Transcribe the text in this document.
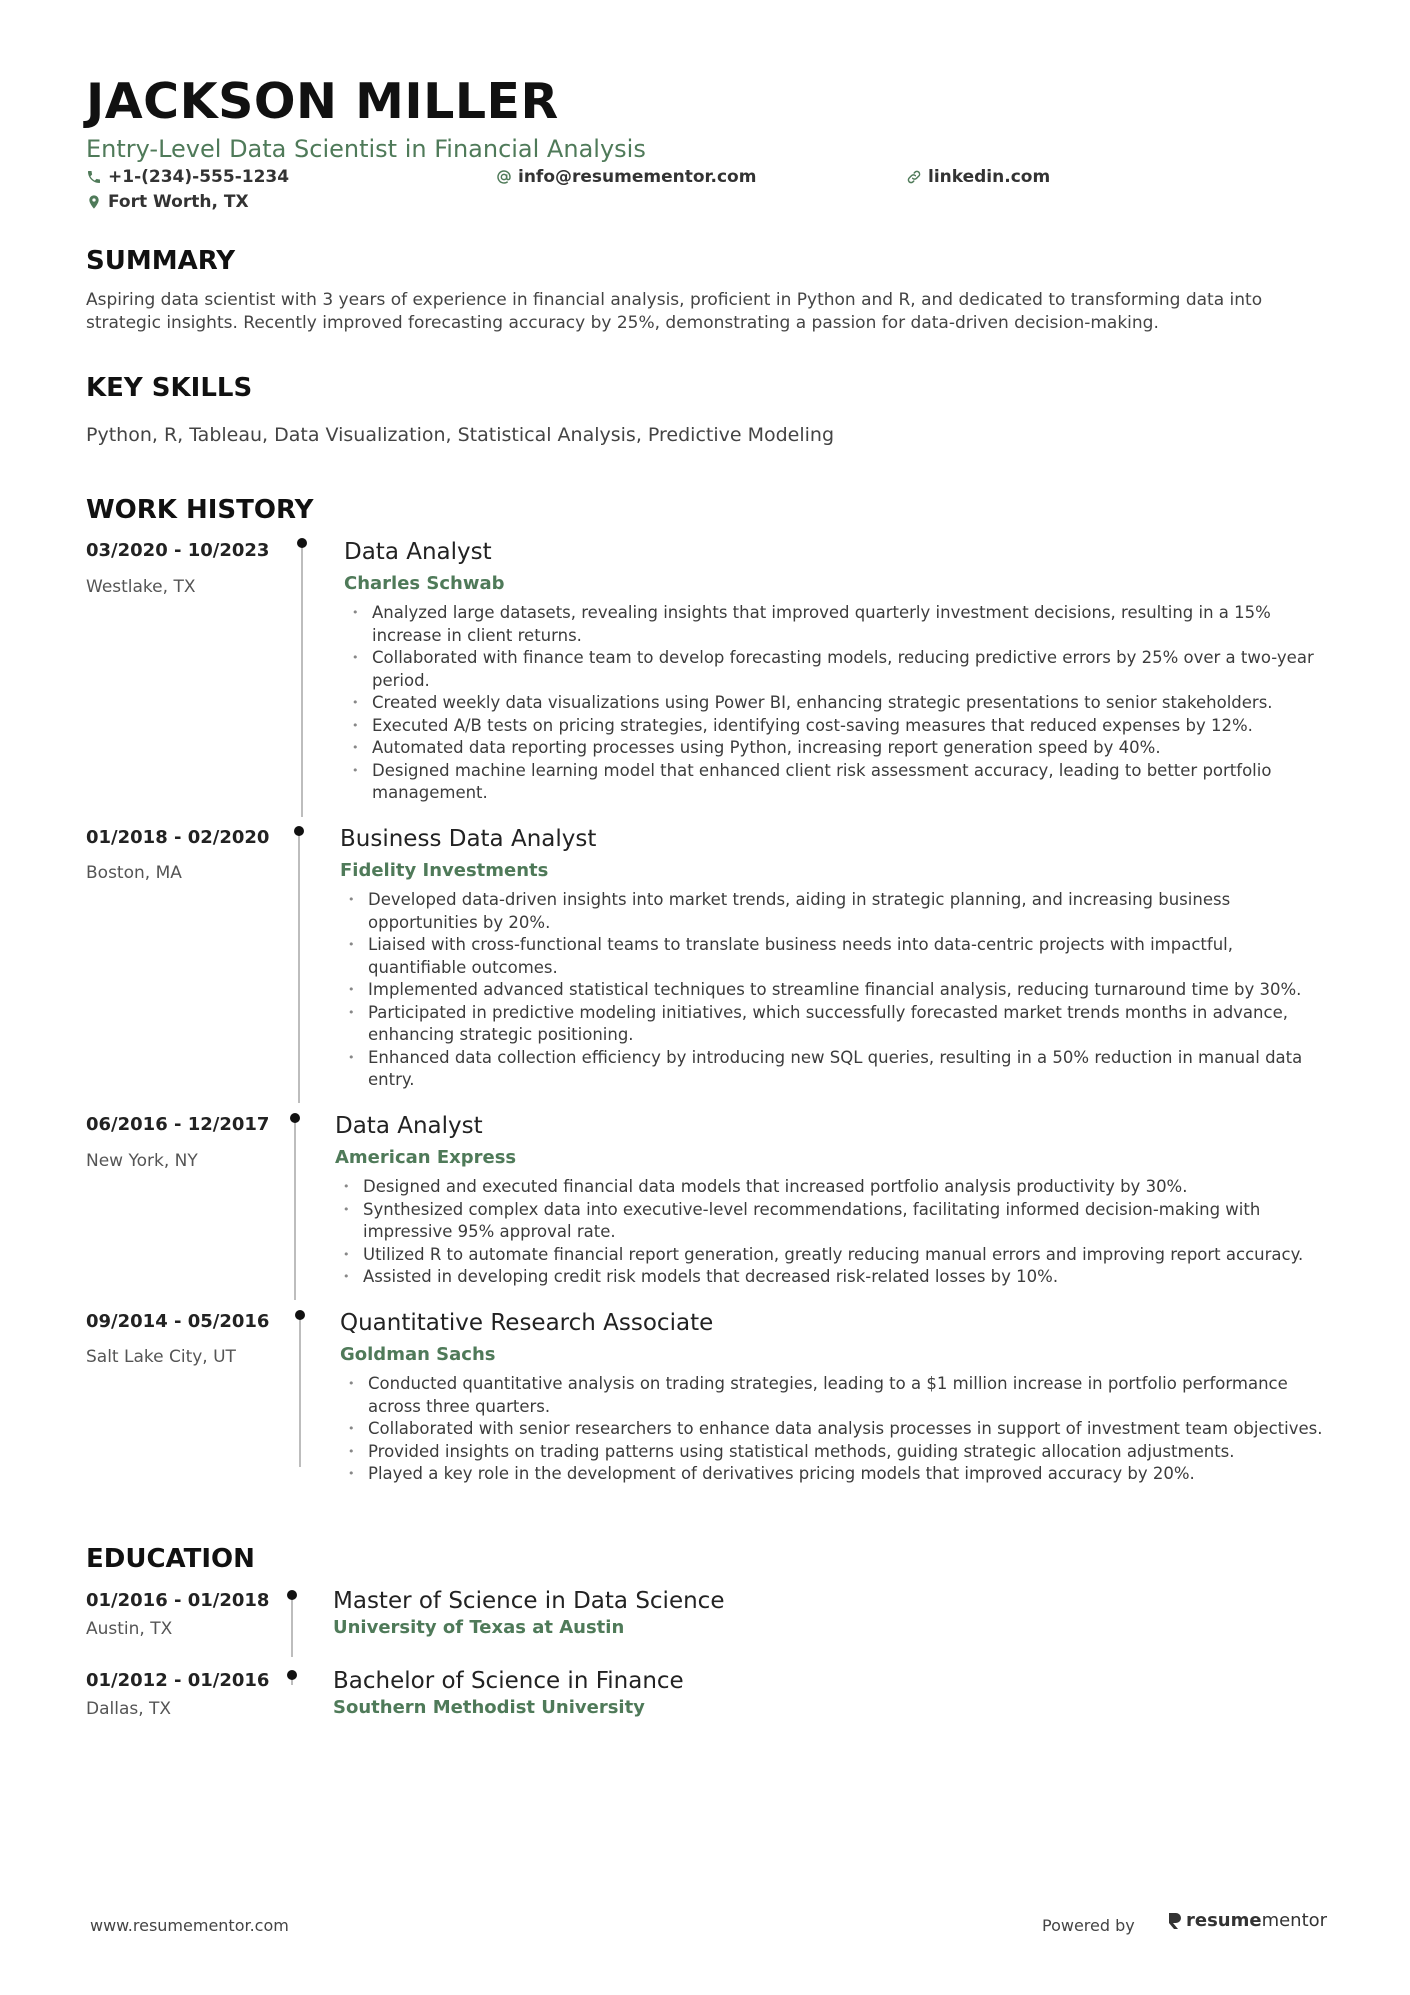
JACKSON MILLER
Entry-Level Data Scientist in Financial Analysis
+1-(234)-555-1234	info@resumementor.com	linkedin.com
Fort Worth, TX
SUMMARY
Aspiring data scientist with 3 years of experience in financial analysis, proficient in Python and R, and dedicated to transforming data into strategic insights. Recently improved forecasting accuracy by 25%, demonstrating a passion for data-driven decision-making.
KEY SKILLS
Python, R, Tableau, Data Visualization, Statistical Analysis, Predictive Modeling
WORK HISTORY
03/2020 - 10/2023
Westlake, TX
Data Analyst
Charles Schwab
• Analyzed large datasets, revealing insights that improved quarterly investment decisions, resulting in a 15% increase in client returns.
• Collaborated with finance team to develop forecasting models, reducing predictive errors by 25% over a two-year period.
• Created weekly data visualizations using Power BI, enhancing strategic presentations to senior stakeholders.
• Executed A/B tests on pricing strategies, identifying cost-saving measures that reduced expenses by 12%.
• Automated data reporting processes using Python, increasing report generation speed by 40%.
• Designed machine learning model that enhanced client risk assessment accuracy, leading to better portfolio management.
01/2018 - 02/2020
Boston, MA
Business Data Analyst
Fidelity Investments
• Developed data-driven insights into market trends, aiding in strategic planning, and increasing business opportunities by 20%.
• Liaised with cross-functional teams to translate business needs into data-centric projects with impactful, quantifiable outcomes.
• Implemented advanced statistical techniques to streamline financial analysis, reducing turnaround time by 30%.
• Participated in predictive modeling initiatives, which successfully forecasted market trends months in advance, enhancing strategic positioning.
• Enhanced data collection efficiency by introducing new SQL queries, resulting in a 50% reduction in manual data entry.
06/2016 - 12/2017
New York, NY
Data Analyst
American Express
• Designed and executed financial data models that increased portfolio analysis productivity by 30%.
• Synthesized complex data into executive-level recommendations, facilitating informed decision-making with impressive 95% approval rate.
• Utilized R to automate financial report generation, greatly reducing manual errors and improving report accuracy.
• Assisted in developing credit risk models that decreased risk-related losses by 10%.
09/2014 - 05/2016
Salt Lake City, UT
Quantitative Research Associate
Goldman Sachs
• Conducted quantitative analysis on trading strategies, leading to a $1 million increase in portfolio performance across three quarters.
• Collaborated with senior researchers to enhance data analysis processes in support of investment team objectives.
• Provided insights on trading patterns using statistical methods, guiding strategic allocation adjustments.
• Played a key role in the development of derivatives pricing models that improved accuracy by 20%.
EDUCATION
01/2016 - 01/2018
Austin, TX
Master of Science in Data Science
University of Texas at Austin
01/2012 - 01/2016
Dallas, TX
Bachelor of Science in Finance
Southern Methodist University
www.resumementor.com	Powered by	resume mentor
